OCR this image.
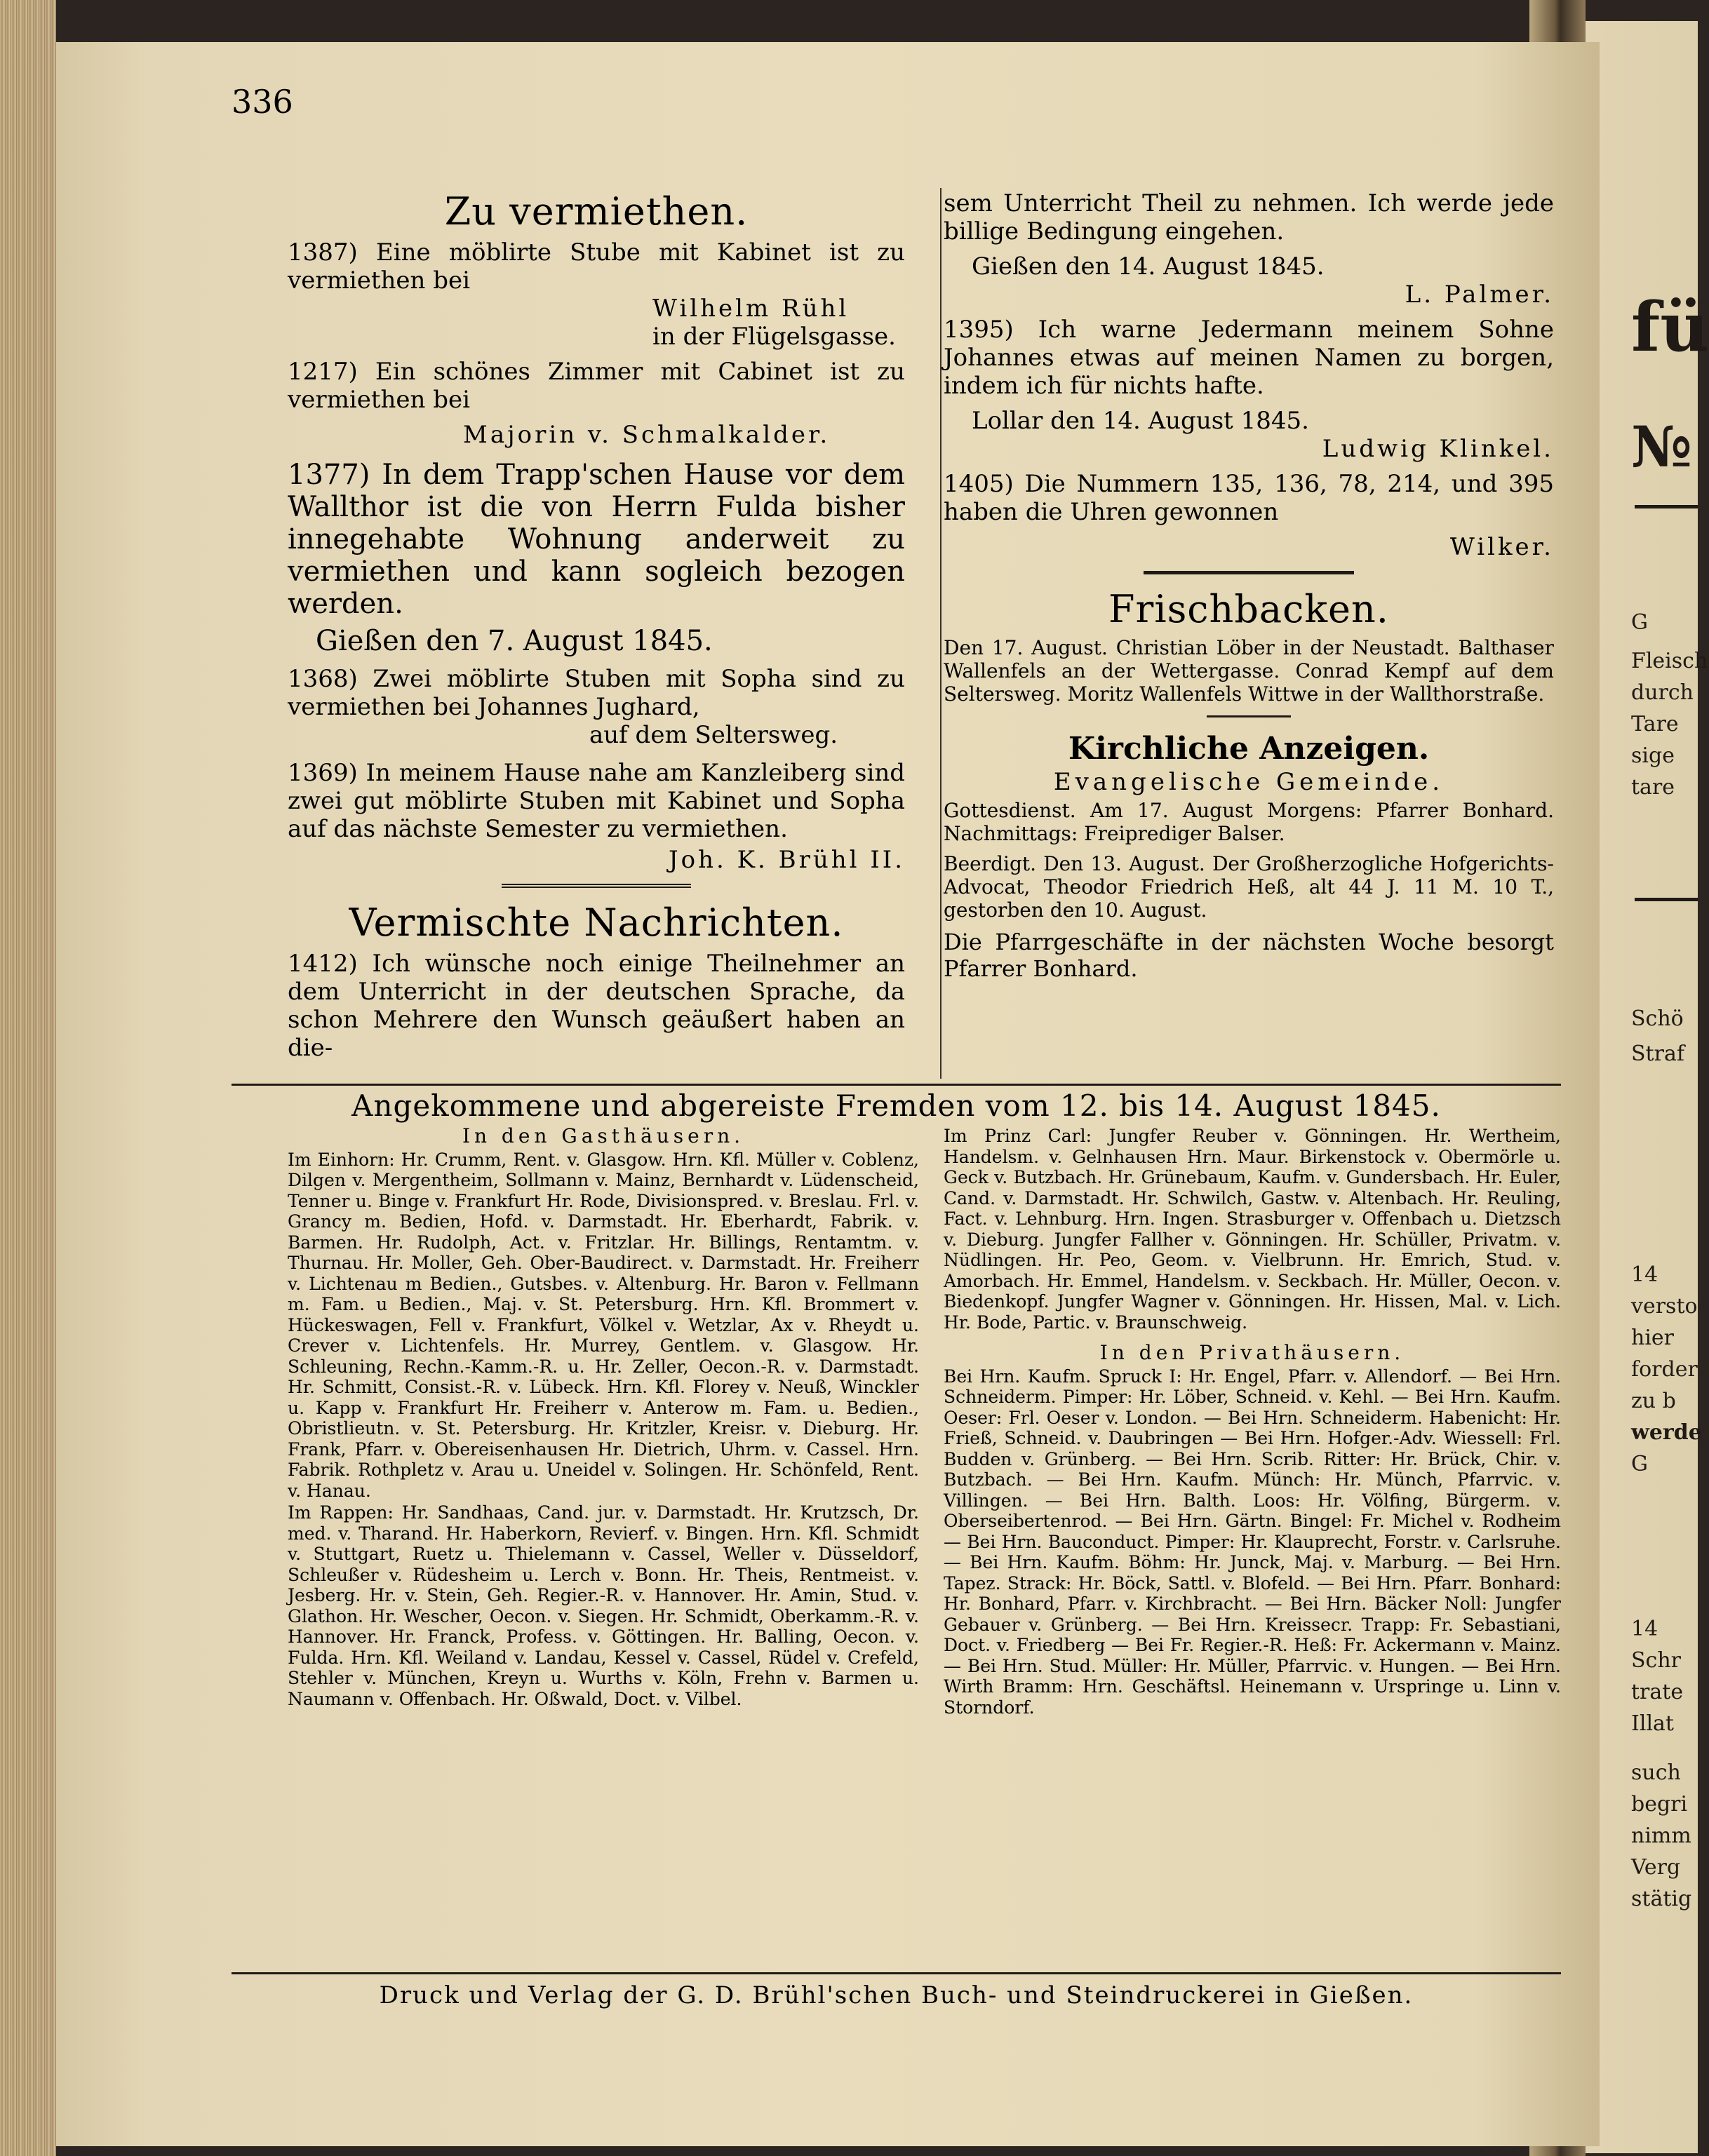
fü
№
G
Fleisch
durch
Tare
sige
tare
Schö
Straf
14
versto
hier
forder
zu b
werde
G
14
Schr
trate
Illat
such
begri
nimm
Verg
stätig
336
Zu vermiethen.

1387) Eine möblirte Stube mit Kabinet ist zu vermiethen bei

Wilhelm Rühl
in der Flügelsgasse.

1217) Ein schönes Zimmer mit Cabinet ist zu vermiethen bei

Majorin v. Schmalkalder.

1377) In dem Trapp'schen Hause vor dem Wallthor ist die von Herrn Fulda bisher innegehabte Wohnung anderweit zu vermiethen und kann sogleich bezogen werden.

Gießen den 7. August 1845.

1368) Zwei möblirte Stuben mit Sopha sind zu vermiethen bei Johannes Jughard,

auf dem Seltersweg.

1369) In meinem Hause nahe am Kanzleiberg sind zwei gut möblirte Stuben mit Kabinet und Sopha auf das nächste Semester zu vermiethen.

Joh. K. Brühl II.
Vermischte Nachrichten.

1412) Ich wünsche noch einige Theilnehmer an dem Unterricht in der deutschen Sprache, da schon Mehrere den Wunsch geäußert haben an die-

sem Unterricht Theil zu nehmen. Ich werde jede billige Bedingung eingehen.

Gießen den 14. August 1845.
L. Palmer.

1395) Ich warne Jedermann meinem Sohne Johannes etwas auf meinen Namen zu borgen, indem ich für nichts hafte.

Lollar den 14. August 1845.
Ludwig Klinkel.

1405) Die Nummern 135, 136, 78, 214, und 395 haben die Uhren gewonnen

Wilker.
Frischbacken.

Den 17. August. Christian Löber in der Neustadt. Balthaser Wallenfels an der Wettergasse. Conrad Kempf auf dem Seltersweg. Moritz Wallenfels Wittwe in der Wallthorstraße.

Kirchliche Anzeigen.
Evangelische Gemeinde.

Gottesdienst. Am 17. August Morgens: Pfarrer Bonhard. Nachmittags: Freiprediger Balser.

Beerdigt. Den 13. August. Der Großherzogliche Hofgerichts-Advocat, Theodor Friedrich Heß, alt 44 J. 11 M. 10 T., gestorben den 10. August.

Die Pfarrgeschäfte in der nächsten Woche besorgt Pfarrer Bonhard.

Angekommene und abgereiste Fremden vom 12. bis 14. August 1845.
In den Gasthäusern.

Im Einhorn: Hr. Crumm, Rent. v. Glasgow. Hrn. Kfl. Müller v. Coblenz, Dilgen v. Mergentheim, Sollmann v. Mainz, Bernhardt v. Lüdenscheid, Tenner u. Binge v. Frankfurt Hr. Rode, Divisionspred. v. Breslau. Frl. v. Grancy m. Bedien, Hofd. v. Darmstadt. Hr. Eberhardt, Fabrik. v. Barmen. Hr. Rudolph, Act. v. Fritzlar. Hr. Billings, Rentamtm. v. Thurnau. Hr. Moller, Geh. Ober-Baudirect. v. Darmstadt. Hr. Freiherr v. Lichtenau m Bedien., Gutsbes. v. Altenburg. Hr. Baron v. Fellmann m. Fam. u Bedien., Maj. v. St. Petersburg. Hrn. Kfl. Brommert v. Hückeswagen, Fell v. Frankfurt, Völkel v. Wetzlar, Ax v. Rheydt u. Crever v. Lichtenfels. Hr. Murrey, Gentlem. v. Glasgow. Hr. Schleuning, Rechn.-Kamm.-R. u. Hr. Zeller, Oecon.-R. v. Darmstadt. Hr. Schmitt, Consist.-R. v. Lübeck. Hrn. Kfl. Florey v. Neuß, Winckler u. Kapp v. Frankfurt Hr. Freiherr v. Anterow m. Fam. u. Bedien., Obristlieutn. v. St. Petersburg. Hr. Kritzler, Kreisr. v. Dieburg. Hr. Frank, Pfarr. v. Obereisenhausen Hr. Dietrich, Uhrm. v. Cassel. Hrn. Fabrik. Rothpletz v. Arau u. Uneidel v. Solingen. Hr. Schönfeld, Rent. v. Hanau.

Im Rappen: Hr. Sandhaas, Cand. jur. v. Darmstadt. Hr. Krutzsch, Dr. med. v. Tharand. Hr. Haberkorn, Revierf. v. Bingen. Hrn. Kfl. Schmidt v. Stuttgart, Ruetz u. Thielemann v. Cassel, Weller v. Düsseldorf, Schleußer v. Rüdesheim u. Lerch v. Bonn. Hr. Theis, Rentmeist. v. Jesberg. Hr. v. Stein, Geh. Regier.-R. v. Hannover. Hr. Amin, Stud. v. Glathon. Hr. Wescher, Oecon. v. Siegen. Hr. Schmidt, Oberkamm.-R. v. Hannover. Hr. Franck, Profess. v. Göttingen. Hr. Balling, Oecon. v. Fulda. Hrn. Kfl. Weiland v. Landau, Kessel v. Cassel, Rüdel v. Crefeld, Stehler v. München, Kreyn u. Wurths v. Köln, Frehn v. Barmen u. Naumann v. Offenbach. Hr. Oßwald, Doct. v. Vilbel.

Im Prinz Carl: Jungfer Reuber v. Gönningen. Hr. Wertheim, Handelsm. v. Gelnhausen Hrn. Maur. Birkenstock v. Obermörle u. Geck v. Butzbach. Hr. Grünebaum, Kaufm. v. Gundersbach. Hr. Euler, Cand. v. Darmstadt. Hr. Schwilch, Gastw. v. Altenbach. Hr. Reuling, Fact. v. Lehnburg. Hrn. Ingen. Strasburger v. Offenbach u. Dietzsch v. Dieburg. Jungfer Fallher v. Gönningen. Hr. Schüller, Privatm. v. Nüdlingen. Hr. Peo, Geom. v. Vielbrunn. Hr. Emrich, Stud. v. Amorbach. Hr. Emmel, Handelsm. v. Seckbach. Hr. Müller, Oecon. v. Biedenkopf. Jungfer Wagner v. Gönningen. Hr. Hissen, Mal. v. Lich. Hr. Bode, Partic. v. Braunschweig.

In den Privathäusern.

Bei Hrn. Kaufm. Spruck I: Hr. Engel, Pfarr. v. Allendorf. — Bei Hrn. Schneiderm. Pimper: Hr. Löber, Schneid. v. Kehl. — Bei Hrn. Kaufm. Oeser: Frl. Oeser v. London. — Bei Hrn. Schneiderm. Habenicht: Hr. Frieß, Schneid. v. Daubringen — Bei Hrn. Hofger.-Adv. Wiessell: Frl. Budden v. Grünberg. — Bei Hrn. Scrib. Ritter: Hr. Brück, Chir. v. Butzbach. — Bei Hrn. Kaufm. Münch: Hr. Münch, Pfarrvic. v. Villingen. — Bei Hrn. Balth. Loos: Hr. Völfing, Bürgerm. v. Oberseibertenrod. — Bei Hrn. Gärtn. Bingel: Fr. Michel v. Rodheim — Bei Hrn. Bauconduct. Pimper: Hr. Klauprecht, Forstr. v. Carlsruhe. — Bei Hrn. Kaufm. Böhm: Hr. Junck, Maj. v. Marburg. — Bei Hrn. Tapez. Strack: Hr. Böck, Sattl. v. Blofeld. — Bei Hrn. Pfarr. Bonhard: Hr. Bonhard, Pfarr. v. Kirchbracht. — Bei Hrn. Bäcker Noll: Jungfer Gebauer v. Grünberg. — Bei Hrn. Kreissecr. Trapp: Fr. Sebastiani, Doct. v. Friedberg — Bei Fr. Regier.-R. Heß: Fr. Ackermann v. Mainz. — Bei Hrn. Stud. Müller: Hr. Müller, Pfarrvic. v. Hungen. — Bei Hrn. Wirth Bramm: Hrn. Geschäftsl. Heinemann v. Urspringe u. Linn v. Storndorf.

Druck und Verlag der G. D. Brühl'schen Buch- und Steindruckerei in Gießen.
